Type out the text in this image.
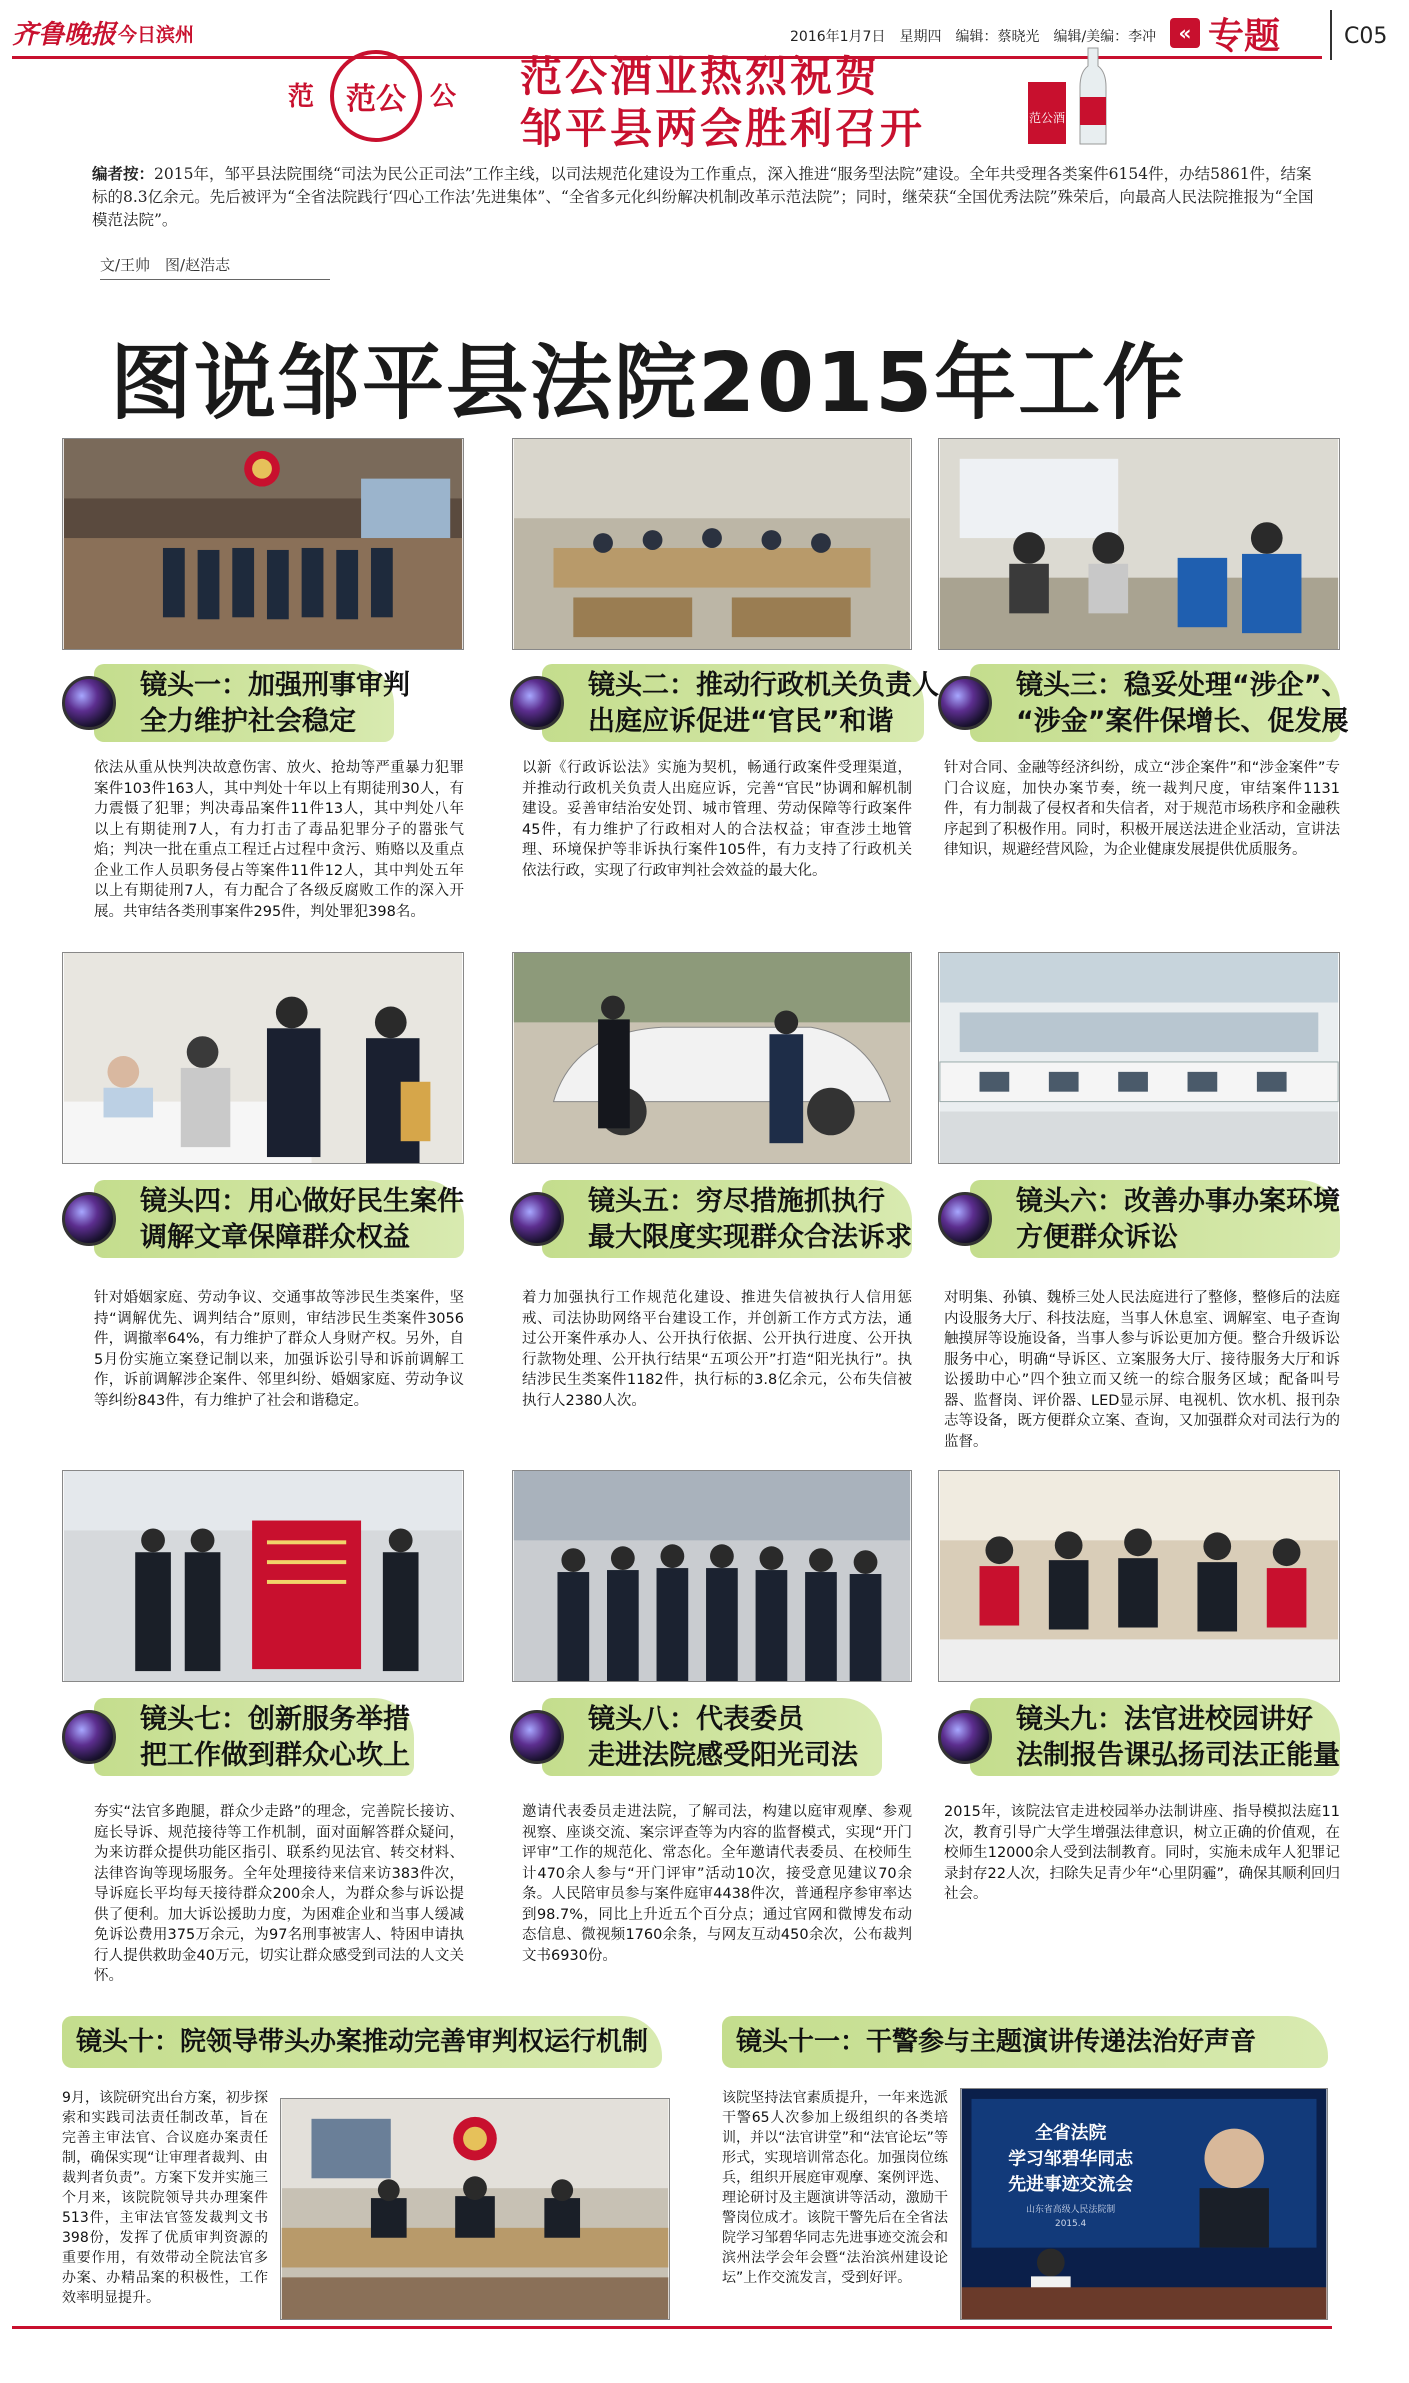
齐鲁晚报 今日滨州	2016年1月7日　星期四　编辑：蔡晓光　编辑/美编：李冲	« 专题	C05
范 范公 公 范公酒业热烈祝贺
邹平县两会胜利召开	范公酒
编者按：2015年，邹平县法院围绕“司法为民公正司法”工作主线，以司法规范化建设为工作重点，深入推进“服务型法院”建设。全年共受理各类案件6154件，办结5861件，结案标的8.3亿余元。先后被评为“全省法院践行‘四心工作法’先进集体”、“全省多元化纠纷解决机制改革示范法院”；同时，继荣获“全国优秀法院”殊荣后，向最高人民法院推报为“全国模范法院”。
文/王帅　图/赵浩志
图说邹平县法院2015年工作
镜头一：加强刑事审判
全力维护社会稳定
镜头二：推动行政机关负责人
出庭应诉促进“官民”和谐
镜头三：稳妥处理“涉企”、
“涉金”案件保增长、促发展
依法从重从快判决故意伤害、放火、抢劫等严重暴力犯罪案件103件163人，其中判处十年以上有期徒刑30人，有力震慑了犯罪；判决毒品案件11件13人，其中判处八年以上有期徒刑7人，有力打击了毒品犯罪分子的嚣张气焰；判决一批在重点工程迁占过程中贪污、贿赂以及重点企业工作人员职务侵占等案件11件12人，其中判处五年以上有期徒刑7人，有力配合了各级反腐败工作的深入开展。共审结各类刑事案件295件，判处罪犯398名。
以新《行政诉讼法》实施为契机，畅通行政案件受理渠道，并推动行政机关负责人出庭应诉，完善“官民”协调和解机制建设。妥善审结治安处罚、城市管理、劳动保障等行政案件45件，有力维护了行政相对人的合法权益；审查涉土地管理、环境保护等非诉执行案件105件，有力支持了行政机关依法行政，实现了行政审判社会效益的最大化。
针对合同、金融等经济纠纷，成立“涉企案件”和“涉金案件”专门合议庭，加快办案节奏，统一裁判尺度，审结案件1131件，有力制裁了侵权者和失信者，对于规范市场秩序和金融秩序起到了积极作用。同时，积极开展送法进企业活动，宣讲法律知识，规避经营风险，为企业健康发展提供优质服务。
镜头四：用心做好民生案件
调解文章保障群众权益
镜头五：穷尽措施抓执行
最大限度实现群众合法诉求
镜头六：改善办事办案环境
方便群众诉讼
针对婚姻家庭、劳动争议、交通事故等涉民生类案件，坚持“调解优先、调判结合”原则，审结涉民生类案件3056件，调撤率64%，有力维护了群众人身财产权。另外，自5月份实施立案登记制以来，加强诉讼引导和诉前调解工作，诉前调解涉企案件、邻里纠纷、婚姻家庭、劳动争议等纠纷843件，有力维护了社会和谐稳定。
着力加强执行工作规范化建设、推进失信被执行人信用惩戒、司法协助网络平台建设工作，并创新工作方式方法，通过公开案件承办人、公开执行依据、公开执行进度、公开执行款物处理、公开执行结果“五项公开”打造“阳光执行”。执结涉民生类案件1182件，执行标的3.8亿余元，公布失信被执行人2380人次。
对明集、孙镇、魏桥三处人民法庭进行了整修，整修后的法庭内设服务大厅、科技法庭，当事人休息室、调解室、电子查询触摸屏等设施设备，当事人参与诉讼更加方便。整合升级诉讼服务中心，明确“导诉区、立案服务大厅、接待服务大厅和诉讼援助中心”四个独立而又统一的综合服务区域；配备叫号器、监督岗、评价器、LED显示屏、电视机、饮水机、报刊杂志等设备，既方便群众立案、查询，又加强群众对司法行为的监督。
镜头七：创新服务举措
把工作做到群众心坎上
镜头八：代表委员
走进法院感受阳光司法
镜头九：法官进校园讲好
法制报告课弘扬司法正能量
夯实“法官多跑腿，群众少走路”的理念，完善院长接访、庭长导诉、规范接待等工作机制，面对面解答群众疑问，为来访群众提供功能区指引、联系约见法官、转交材料、法律咨询等现场服务。全年处理接待来信来访383件次，导诉庭长平均每天接待群众200余人，为群众参与诉讼提供了便利。加大诉讼援助力度，为困难企业和当事人缓减免诉讼费用375万余元，为97名刑事被害人、特困申请执行人提供救助金40万元，切实让群众感受到司法的人文关怀。
邀请代表委员走进法院，了解司法，构建以庭审观摩、参观视察、座谈交流、案宗评查等为内容的监督模式，实现“开门评审”工作的规范化、常态化。全年邀请代表委员、在校师生计470余人参与“开门评审”活动10次，接受意见建议70余条。人民陪审员参与案件庭审4438件次，普通程序参审率达到98.7%，同比上升近五个百分点；通过官网和微博发布动态信息、微视频1760余条，与网友互动450余次，公布裁判文书6930份。
2015年，该院法官走进校园举办法制讲座、指导模拟法庭11次，教育引导广大学生增强法律意识，树立正确的价值观，在校师生12000余人受到法制教育。同时，实施未成年人犯罪记录封存22人次，扫除失足青少年“心里阴霾”，确保其顺利回归社会。
镜头十：院领导带头办案推动完善审判权运行机制	镜头十一：干警参与主题演讲传递法治好声音
9月，该院研究出台方案，初步探索和实践司法责任制改革，旨在完善主审法官、合议庭办案责任制，确保实现“让审理者裁判、由裁判者负责”。方案下发并实施三个月来，该院院领导共办理案件513件，主审法官签发裁判文书398份，发挥了优质审判资源的重要作用，有效带动全院法官多办案、办精品案的积极性，工作效率明显提升。
该院坚持法官素质提升，一年来选派干警65人次参加上级组织的各类培训，并以“法官讲堂”和“法官论坛”等形式，实现培训常态化。加强岗位练兵，组织开展庭审观摩、案例评选、理论研讨及主题演讲等活动，激励干警岗位成才。该院干警先后在全省法院学习邹碧华同志先进事迹交流会和滨州法学会年会暨“法治滨州建设论坛”上作交流发言，受到好评。
全省法院
学习邹碧华同志
先进事迹交流会
山东省高级人民法院制
2015.4
